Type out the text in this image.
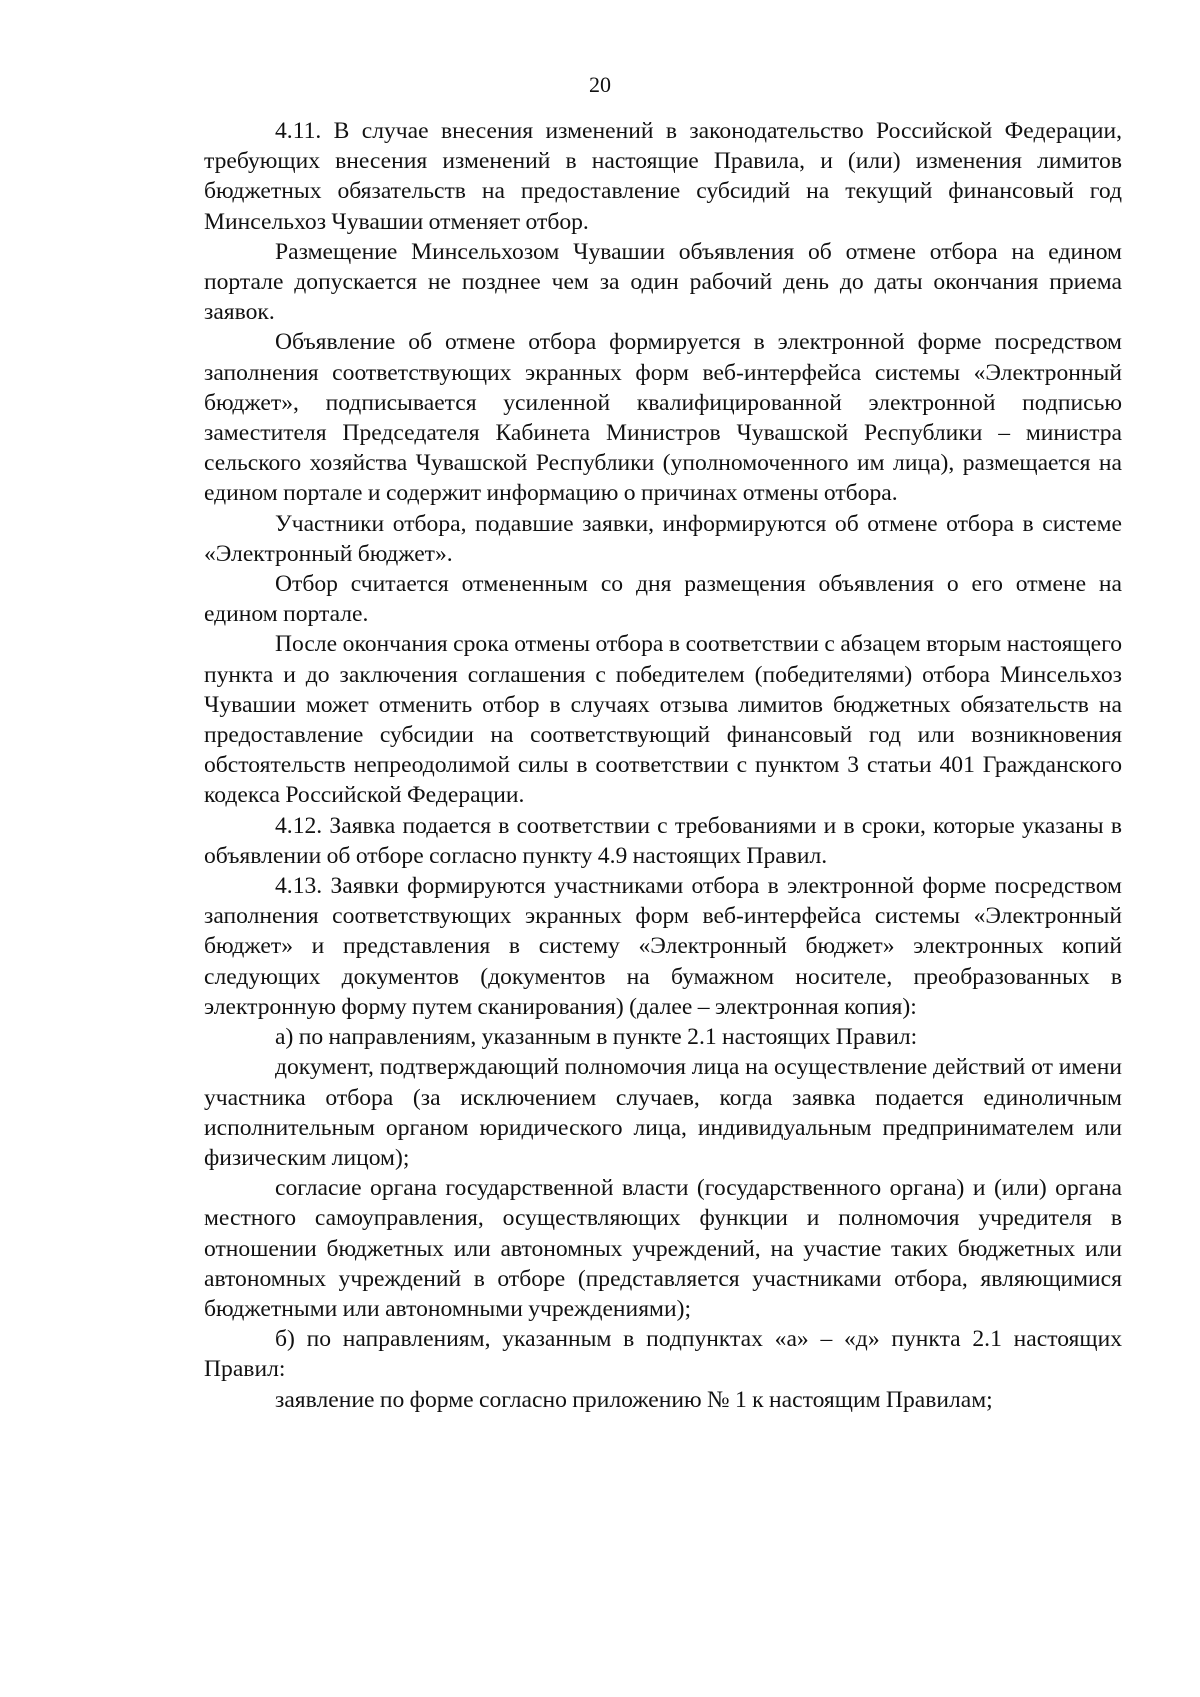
20

4.11. В случае внесения изменений в законодательство Российской Федерации, требующих внесения изменений в настоящие Правила, и (или) изменения лимитов бюджетных обязательств на предоставление субсидий на текущий финансовый год Минсельхоз Чувашии отменяет отбор.

Размещение Минсельхозом Чувашии объявления об отмене отбора на едином портале допускается не позднее чем за один рабочий день до даты окончания приема заявок.

Объявление об отмене отбора формируется в электронной форме посредством заполнения соответствующих экранных форм веб-интерфейса системы «Электронный бюджет», подписывается усиленной квалифицированной электронной подписью заместителя Председателя Кабинета Министров Чувашской Республики – министра сельского хозяйства Чувашской Республики (уполномоченного им лица), размещается на едином портале и содержит информацию о причинах отмены отбора.

Участники отбора, подавшие заявки, информируются об отмене отбора в системе «Электронный бюджет».

Отбор считается отмененным со дня размещения объявления о его отмене на едином портале.

После окончания срока отмены отбора в соответствии с абзацем вторым настоящего пункта и до заключения соглашения с победителем (победителями) отбора Минсельхоз Чувашии может отменить отбор в случаях отзыва лимитов бюджетных обязательств на предоставление субсидии на соответствующий финансовый год или возникновения обстоятельств непреодолимой силы в соответствии с пунктом 3 статьи 401 Гражданского кодекса Российской Федерации.

4.12. Заявка подается в соответствии с требованиями и в сроки, которые указаны в объявлении об отборе согласно пункту 4.9 настоящих Правил.

4.13. Заявки формируются участниками отбора в электронной форме посредством заполнения соответствующих экранных форм веб-интерфейса системы «Электронный бюджет» и представления в систему «Электронный бюджет» электронных копий следующих документов (документов на бумажном носителе, преобразованных в электронную форму путем сканирования) (далее – электронная копия):

а) по направлениям, указанным в пункте 2.1 настоящих Правил:

документ, подтверждающий полномочия лица на осуществление действий от имени участника отбора (за исключением случаев, когда заявка подается единоличным исполнительным органом юридического лица, индивидуальным предпринимателем или физическим лицом);

согласие органа государственной власти (государственного органа) и (или) органа местного самоуправления, осуществляющих функции и полномочия учредителя в отношении бюджетных или автономных учреждений, на участие таких бюджетных или автономных учреждений в отборе (представляется участниками отбора, являющимися бюджетными или автономными учреждениями);

б) по направлениям, указанным в подпунктах «а» – «д» пункта 2.1 настоящих Правил:

заявление по форме согласно приложению № 1 к настоящим Правилам;
